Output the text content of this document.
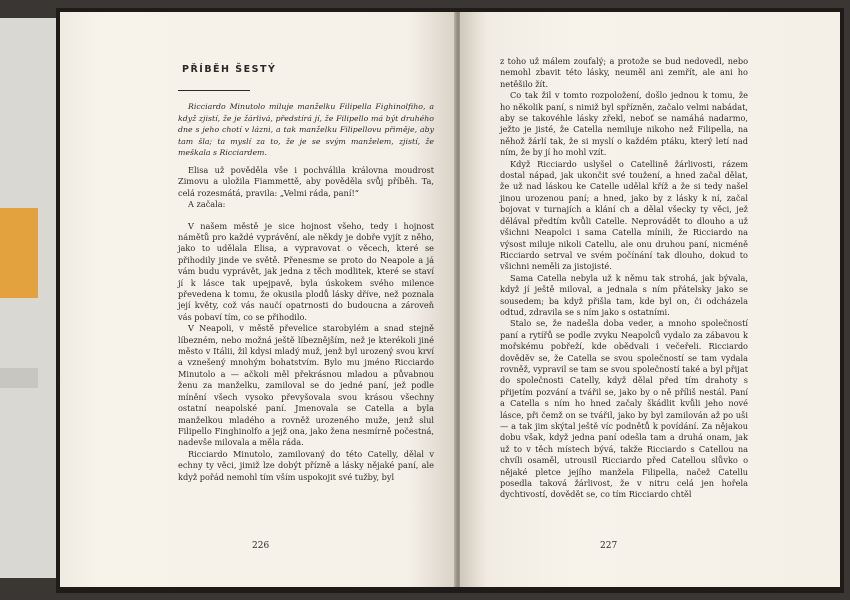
PŘÍBĚH ŠESTÝ

Ricciardo Minutolo miluje manželku Filipella Fighinolfiho, a když zjistí, že je žárlivá, předstírá jí, že Filipello má být druhého dne s jeho chotí v lázni, a tak manželku Filipellovu přiměje, aby tam šla; ta myslí za to, že je se svým manželem, zjistí, že meškala s Ricciardem.

Elisa už pověděla vše i pochválila královna moudrost Zimovu a uložila Fiammettě, aby pověděla svůj příběh. Ta, celá rozesmátá, pravila: „Velmi ráda, paní!“

A začala:

V našem městě je sice hojnost všeho, tedy i hojnost námětů pro každé vyprávění, ale někdy je dobře vyjít z něho, jako to udělala Elisa, a vypravovat o věcech, které se přihodily jinde ve světě. Přenesme se proto do Neapole a já vám budu vyprávět, jak jedna z těch modlitek, které se staví jí k lásce tak upejpavě, byla úskokem svého milence převedena k tomu, že okusila plodů lásky dříve, než poznala její květy, což vás naučí opatrnosti do budoucna a zároveň vás pobaví tím, co se přihodilo.

V Neapoli, v městě převelice starobylém a snad stejně líbezném, nebo možná ještě líbeznějším, než je kterékoli jiné město v Itálii, žil kdysi mladý muž, jenž byl urozený svou krví a vznešený mnohým bohatstvím. Bylo mu jméno Ricciardo Minutolo a — ačkoli měl překrásnou mladou a půvabnou ženu za manželku, zamiloval se do jedné paní, jež podle mínění všech vysoko převyšovala svou krásou všechny ostatní neapolské paní. Jmenovala se Catella a byla manželkou mladého a rovněž urozeného muže, jenž slul Filipello Finghinolfo a jejž ona, jako žena nesmírně počestná, nadevše milovala a měla ráda.

Ricciardo Minutolo, zamilovaný do této Catelly, dělal v echny ty věci, jimiž lze dobýt přízně a lásky nějaké paní, ale když pořád nemohl tím vším uspokojit své tužby, byl

226

z toho už málem zoufalý; a protože se bud nedovedl, nebo nemohl zbavit této lásky, neuměl ani zemřít, ale ani ho netěšilo žít.

Co tak žil v tomto rozpoložení, došlo jednou k tomu, že ho několik paní, s nimiž byl spřízněn, začalo velmi nabádat, aby se takovéhle lásky zřekl, neboť se namáhá nadarmo, ježto je jisté, že Catella nemiluje nikoho než Filipella, na něhož žárlí tak, že si myslí o každém ptáku, který letí nad ním, že by jí ho mohl vzít.

Když Ricciardo uslyšel o Catellině žárlivosti, rázem dostal nápad, jak ukončit své toužení, a hned začal dělat, že už nad láskou ke Catelle udělal kříž a že si tedy našel jinou urozenou paní; a hned, jako by z lásky k ní, začal bojovat v turnajích a klání ch a dělal všecky ty věci, jež dělával předtím kvůli Catelle. Neprovádět to dlouho a už všichni Neapolci i sama Catella mínili, že Ricciardo na výsost miluje nikoli Catellu, ale onu druhou paní, nicméně Ricciardo setrval ve svém počínání tak dlouho, dokud to všichni neměli za jistojisté.

Sama Catella nebyla už k němu tak strohá, jak bývala, když jí ještě miloval, a jednala s ním přátelsky jako se sousedem; ba když přišla tam, kde byl on, či odcházela odtud, zdravila se s ním jako s ostatními.

Stalo se, že nadešla doba veder, a mnoho společností paní a rytířů se podle zvyku Neapolců vydalo za zábavou k mořskému pobřeží, kde obědvali i večeřeli. Ricciardo dověděv se, že Catella se svou společností se tam vydala rovněž, vypravil se tam se svou společností také a byl přijat do společnosti Catelly, když dělal před tím drahoty s přijetím pozvání a tvářil se, jako by o ně příliš nestál. Paní a Catella s ním ho hned začaly škádlit kvůli jeho nové lásce, při čemž on se tvářil, jako by byl zamilován až po uši — a tak jim skýtal ještě víc podnětů k povídání. Za nějakou dobu však, když jedna paní odešla tam a druhá onam, jak už to v těch místech bývá, takže Ricciardo s Catellou na chvíli osaměl, utrousil Ricciardo před Catellou slůvko o nějaké pletce jejího manžela Filipella, načež Catellu posedla taková žárlivost, že v nitru celá jen hořela dychtivostí, dovědět se, co tím Ricciardo chtěl

227
